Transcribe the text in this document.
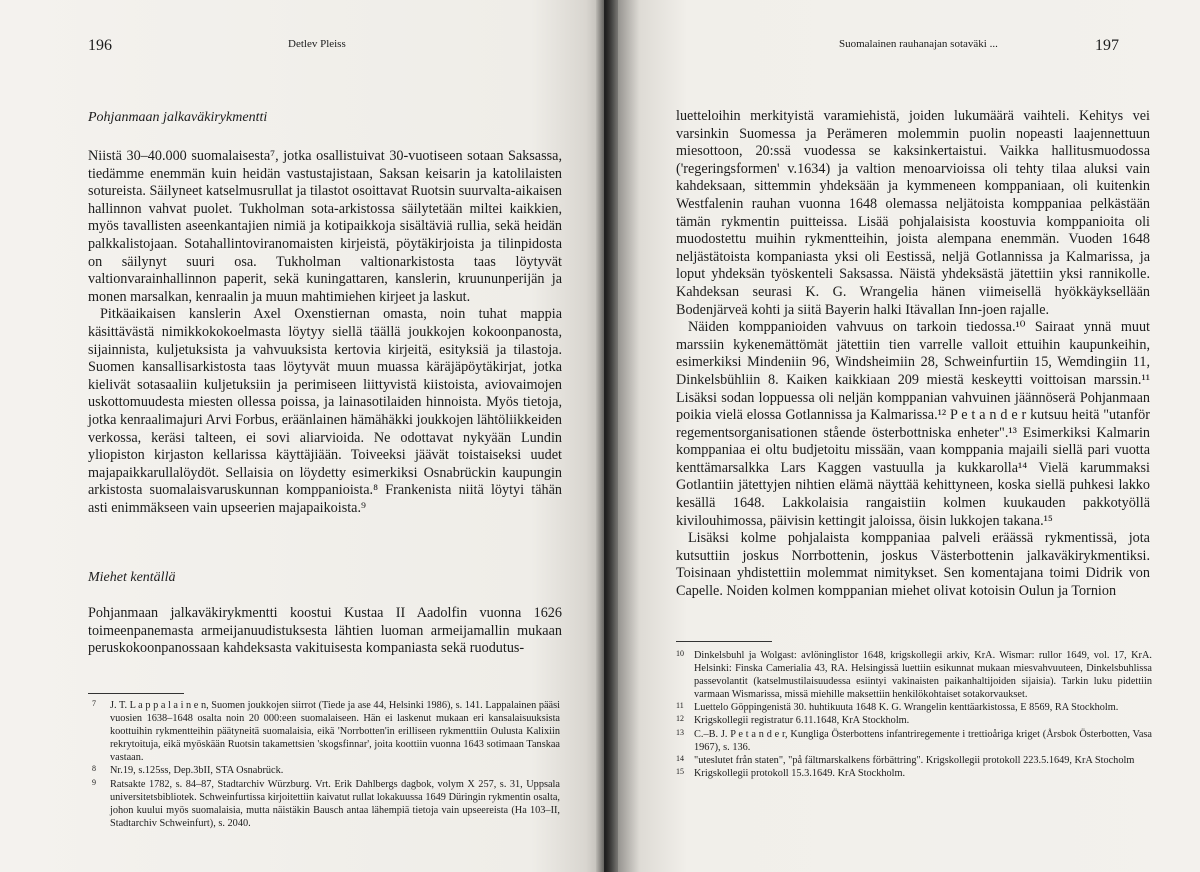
196	Detlev Pleiss
Pohjanmaan jalkaväkirykmentti

Niistä 30–40.000 suomalaisesta⁷, jotka osallistuivat 30-vuotiseen sotaan Saksassa, tiedämme enemmän kuin heidän vastustajistaan, Saksan keisarin ja katolilaisten sotureista. Säilyneet katselmusrullat ja tilastot osoittavat Ruotsin suurvalta-aikaisen hallinnon vahvat puolet. Tukholman sota-arkistossa säilytetään miltei kaikkien, myös tavallisten aseenkantajien nimiä ja kotipaikkoja sisältäviä rullia, sekä heidän palkkalistojaan. Sotahallintoviranomaisten kirjeistä, pöytäkirjoista ja tilinpidosta on säilynyt suuri osa. Tukholman valtionarkistosta taas löytyvät valtionvarainhallinnon paperit, sekä kuningattaren, kanslerin, kruununperijän ja monen marsalkan, kenraalin ja muun mahtimiehen kirjeet ja laskut.

Pitkäaikaisen kanslerin Axel Oxenstiernan omasta, noin tuhat mappia käsittävästä nimikkokokoelmasta löytyy siellä täällä joukkojen kokoonpanosta, sijainnista, kuljetuksista ja vahvuuksista kertovia kirjeitä, esityksiä ja tilastoja. Suomen kansallisarkistosta taas löytyvät muun muassa käräjäpöytäkirjat, jotka kielivät sotasaaliin kuljetuksiin ja perimiseen liittyvistä kiistoista, aviovaimojen uskottomuudesta miesten ollessa poissa, ja lainasotilaiden hinnoista. Myös tietoja, jotka kenraalimajuri Arvi Forbus, eräänlainen hämähäkki joukkojen lähtöliikkeiden verkossa, keräsi talteen, ei sovi aliarvioida. Ne odottavat nykyään Lundin yliopiston kirjaston kellarissa käyttäjiään. Toiveeksi jäävät toistaiseksi uudet majapaikkarullalöydöt. Sellaisia on löydetty esimerkiksi Osnabrückin kaupungin arkistosta suomalaisvaruskunnan komppanioista.⁸ Frankenista niitä löytyi tähän asti enimmäkseen vain upseerien majapaikoista.⁹

Miehet kentällä

Pohjanmaan jalkaväkirykmentti koostui Kustaa II Aadolfin vuonna 1626 toimeenpanemasta armeijanuudistuksesta lähtien luoman armeijamallin mukaan peruskokoonpanossaan kahdeksasta vakituisesta kompaniasta sekä ruodutus-

7 J. T. L a p p a l a i n e n, Suomen joukkojen siirrot (Tiede ja ase 44, Helsinki 1986), s. 141. Lappalainen pääsi vuosien 1638–1648 osalta noin 20 000:een suomalaiseen. Hän ei laskenut mukaan eri kansalaisuuksista koottuihin rykmentteihin päätyneitä suomalaisia, eikä 'Norrbotten'in erilliseen rykmenttiin Oulusta Kalixiin rekrytoituja, eikä myöskään Ruotsin takamettsien 'skogsfinnar', joita koottiin vuonna 1643 sotimaan Tanskaa vastaan.
8 Nr.19, s.125ss, Dep.3bII, STA Osnabrück.
9 Ratsakte 1782, s. 84–87, Stadtarchiv Würzburg. Vrt. Erik Dahlbergs dagbok, volym X 257, s. 31, Uppsala universitetsbibliotek. Schweinfurtissa kirjoitettiin kaivatut rullat lokakuussa 1649 Düringin rykmentin osalta, johon kuului myös suomalaisia, mutta näistäkin Bausch antaa lähempiä tietoja vain upseereista (Ha 103–II, Stadtarchiv Schweinfurt), s. 2040.
Suomalainen rauhanajan sotaväki ...	197

luetteloihin merkityistä varamiehistä, joiden lukumäärä vaihteli. Kehitys vei varsinkin Suomessa ja Perämeren molemmin puolin nopeasti laajennettuun miesottoon, 20:ssä vuodessa se kaksinkertaistui. Vaikka hallitusmuodossa ('regeringsformen' v.1634) ja valtion menoarvioissa oli tehty tilaa aluksi vain kahdeksaan, sittemmin yhdeksään ja kymmeneen komppaniaan, oli kuitenkin Westfalenin rauhan vuonna 1648 olemassa neljätoista komppaniaa pelkästään tämän rykmentin puitteissa. Lisää pohjalaisista koostuvia komppanioita oli muodostettu muihin rykmentteihin, joista alempana enemmän. Vuoden 1648 neljästätoista kompaniasta yksi oli Eestissä, neljä Gotlannissa ja Kalmarissa, ja loput yhdeksän työskenteli Saksassa. Näistä yhdeksästä jätettiin yksi rannikolle. Kahdeksan seurasi K. G. Wrangelia hänen viimeisellä hyökkäyksellään Bodenjärveä kohti ja siitä Bayerin halki Itävallan Inn-joen rajalle.

Näiden komppanioiden vahvuus on tarkoin tiedossa.¹⁰ Sairaat ynnä muut marssiin kykenemättömät jätettiin tien varrelle valloit ettuihin kaupunkeihin, esimerkiksi Mindeniin 96, Windsheimiin 28, Schweinfurtiin 15, Wemdingiin 11, Dinkelsbühliin 8. Kaiken kaikkiaan 209 miestä keskeytti voittoisan marssin.¹¹ Lisäksi sodan loppuessa oli neljän komppanian vahvuinen jäännöserä Pohjanmaan poikia vielä elossa Gotlannissa ja Kalmarissa.¹² P e t a n d e r kutsuu heitä "utanför regementsorganisationen stående österbottniska enheter".¹³ Esimerkiksi Kalmarin komppaniaa ei oltu budjetoitu missään, vaan komppania majaili siellä pari vuotta kenttämarsalkka Lars Kaggen vastuulla ja kukkarolla¹⁴ Vielä karummaksi Gotlantiin jätettyjen nihtien elämä näyttää kehittyneen, koska siellä puhkesi lakko kesällä 1648. Lakkolaisia rangaistiin kolmen kuukauden pakkotyöllä kivilouhimossa, päivisin kettingit jaloissa, öisin lukkojen takana.¹⁵

Lisäksi kolme pohjalaista komppaniaa palveli eräässä rykmentissä, jota kutsuttiin joskus Norrbottenin, joskus Västerbottenin jalkaväkirykmentiksi. Toisinaan yhdistettiin molemmat nimitykset. Sen komentajana toimi Didrik von Capelle. Noiden kolmen komppanian miehet olivat kotoisin Oulun ja Tornion

10 Dinkelsbuhl ja Wolgast: avlöninglistor 1648, krigskollegii arkiv, KrA. Wismar: rullor 1649, vol. 17, KrA. Helsinki: Finska Camerialia 43, RA. Helsingissä luettiin esikunnat mukaan miesvahvuuteen, Dinkelsbuhlissa passevolantit (katselmustilaisuudessa esiintyi vakinaisten paikanhaltijoiden sijaisia). Tarkin luku pidettiin varmaan Wismarissa, missä miehille maksettiin henkilökohtaiset sotakorvaukset.
11 Luettelo Göppingenistä 30. huhtikuuta 1648 K. G. Wrangelin kenttäarkistossa, E 8569, RA Stockholm.
12 Krigskollegii registratur 6.11.1648, KrA Stockholm.
13 C.–B. J. P e t a n d e r, Kungliga Österbottens infantriregemente i trettioåriga kriget (Årsbok Österbotten, Vasa 1967), s. 136.
14 "uteslutet från staten", "på fältmarskalkens förbättring". Krigskollegii protokoll 223.5.1649, KrA Stocholm
15 Krigskollegii protokoll 15.3.1649. KrA Stockholm.
